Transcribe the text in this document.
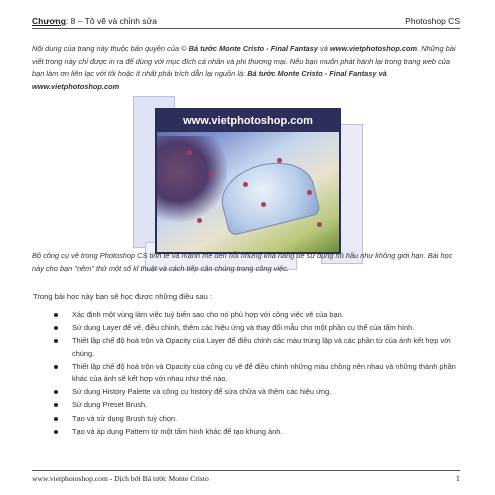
Chương: 8 – Tô vẽ và chỉnh sửa	Photoshop CS
Nội dung của trang này thuộc bản quyền của © Bá tước Monte Cristo - Final Fantasy và www.vietphotoshop.com. Những bài viết trong này chỉ được in ra để dùng với mục đích cá nhân và phi thương mại. Nếu bạn muốn phát hành lại trong trang web của bạn làm ơn liên lạc với tôi hoặc ít nhất phải trích dẫn lại nguồn là: Bá tước Monte Cristo - Final Fantasy và www.vietphotoshop.com
www.vietphotoshop.com
Bộ công cụ vẽ trong Photoshop CS tinh tế và mạnh mẽ đến nỗi những khả năng để sử dụng nó hầu như không giới hạn. Bài học này cho bạn "nếm" thử một số kĩ thuật và cách tiếp cận chúng trong công việc.
Trong bài học này bạn sẽ học được những điều sau :
Xác định một vùng làm việc tuỳ biến sao cho nó phù hợp với công việc vẽ của bạn.
Sử dụng Layer để vẽ, điều chỉnh, thêm các hiệu ứng và thay đổi mẫu cho một phần cụ thể của tấm hình.
Thiết lập chế độ hoà trộn và Opacity của Layer để điều chỉnh các màu trùng lặp và các phần từ của ảnh kết hợp với chúng.
Thiết lập chế độ hoà trộn và Opacity của công cụ vẽ để điều chỉnh những màu chồng nên nhau và những thành phần khác của ảnh sẽ kết hợp với nhau như thế nào.
Sử dụng History Palette và công cụ history để sửa chữa và thêm các hiệu ứng.
Sử dụng Preset Brush.
Tạo và sử dụng Brush tuỳ chọn.
Tạo và áp dụng Pattern từ một tấm hình khác để tạo khung ảnh.
www.vietphotoshop.com - Dịch bởi Bá tước Monte Cristo	1
